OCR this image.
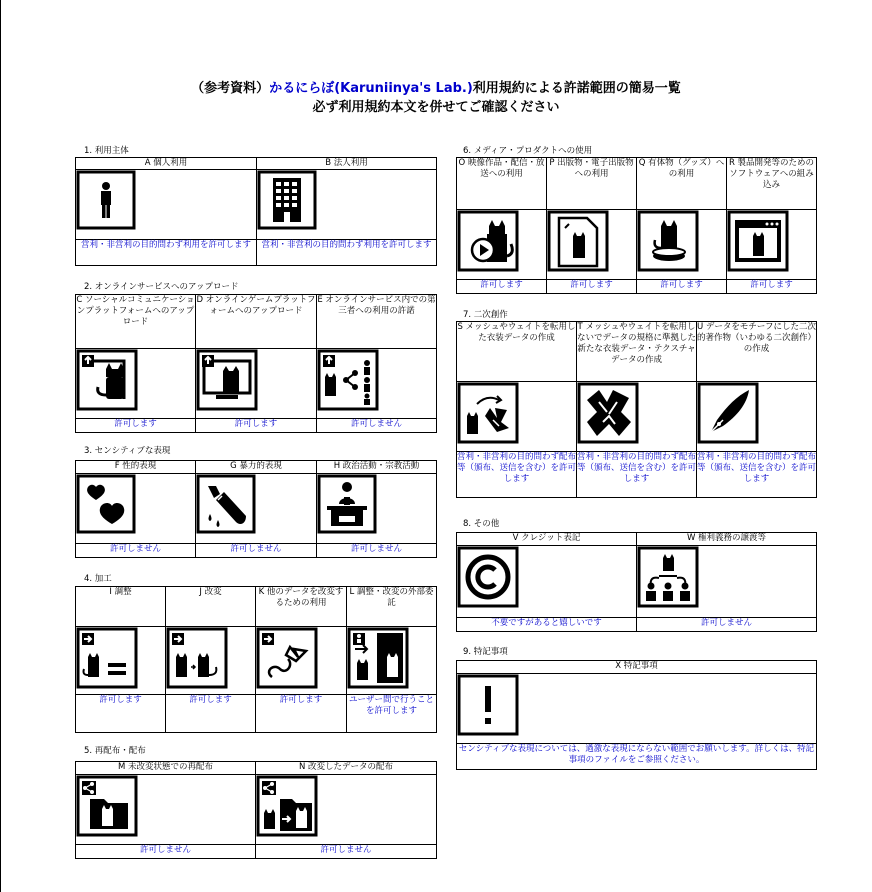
（参考資料）かるにらぼ(Karuniinya's Lab.)利用規約による許諾範囲の簡易一覧
必ず利用規約本文を併せてご確認ください
1. 利用主体
A 個人利用	B 法人利用

営利・非営利の目的問わず利用を許可します	営利・非営利の目的問わず利用を許可します
2. オンラインサービスへのアップロード
C ソーシャルコミュニケーションプラットフォームへのアップロード	D オンラインゲームプラットフォームへのアップロード	E オンラインサービス内での第三者への利用の許諾

許可します	許可します	許可しません
3. センシティブな表現
F 性的表現	G 暴力的表現	H 政治活動・宗教活動

許可しません	許可しません	許可しません
4. 加工
I 調整	J 改変	K 他のデータを改変するための利用	L 調整・改変の外部委託

許可します	許可します	許可します	ユーザー間で行うことを許可します
5. 再配布・配布
M 未改変状態での再配布	N 改変したデータの配布

許可しません	許可しません
6. メディア・プロダクトへの使用
O 映像作品・配信・放送への利用	P 出版物・電子出版物への利用	Q 有体物（グッズ）への利用	R 製品開発等のためのソフトウェアへの組み込み

許可します	許可します	許可します	許可します
7. 二次創作
S メッシュやウェイトを転用した衣装データの作成	T メッシュやウェイトを転用しないでデータの規格に準拠した新たな衣装データ・テクスチャデータの作成	U データをモチーフにした二次的著作物（いわゆる二次創作）の作成

営利・非営利の目的問わず配布等（頒布、送信を含む）を許可します	営利・非営利の目的問わず配布等（頒布、送信を含む）を許可します	営利・非営利の目的問わず配布等（頒布、送信を含む）を許可します
8. その他
V クレジット表記	W 権利義務の譲渡等

不要ですがあると嬉しいです	許可しません
9. 特記事項
X 特記事項

センシティブな表現については、過激な表現にならない範囲でお願いします。詳しくは、特記事項のファイルをご参照ください。
